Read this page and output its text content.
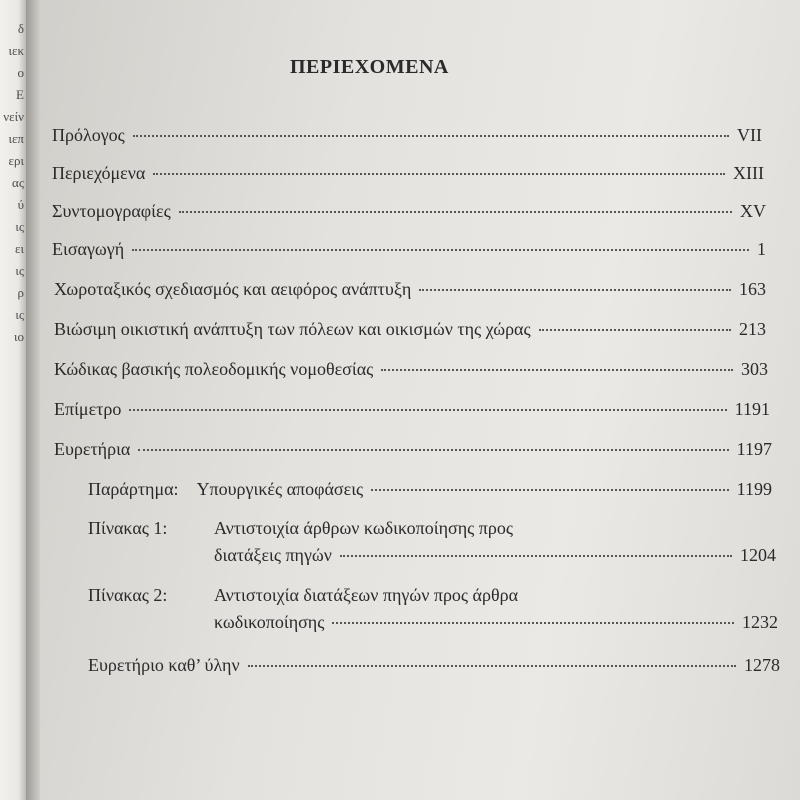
δ
ιεκ
ο
Ε
νείν
ιεπ
ερι
ας
ύ
ις
ει
ις
ρ
ις
ιο
ΠΕΡΙΕΧΟΜΕΝΑ
Πρόλογος	VII
Περιεχόμενα	XIII
Συντομογραφίες	XV
Εισαγωγή	1
Χωροταξικός σχεδιασμός και αειφόρος ανάπτυξη	163
Βιώσιμη οικιστική ανάπτυξη των πόλεων και οικισμών της χώρας	213
Κώδικας βασικής πολεοδομικής νομοθεσίας	303
Επίμετρο	1191
Ευρετήρια	1197
Παράρτημα: Υπουργικές αποφάσεις	1199
Πίνακας 1:	Αντιστοιχία άρθρων κωδικοποίησης προς
διατάξεις πηγών	1204
Πίνακας 2:	Αντιστοιχία διατάξεων πηγών προς άρθρα
κωδικοποίησης	1232
Ευρετήριο καθ’ ύλην	1278
